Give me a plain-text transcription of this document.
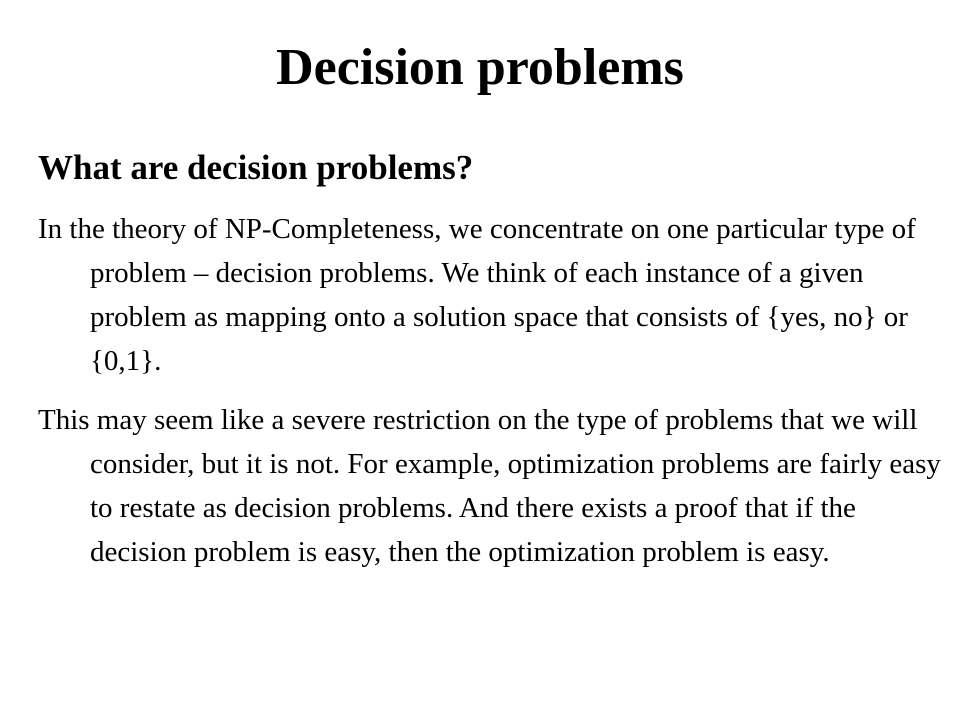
Decision problems
What are decision problems?

In the theory of NP-Completeness, we concentrate on one particular type of problem – decision problems. We think of each instance of a given problem as mapping onto a solution space that consists of {yes, no} or {0,1}.

This may seem like a severe restriction on the type of problems that we will consider, but it is not. For example, optimization problems are fairly easy to restate as decision problems. And there exists a proof that if the decision problem is easy, then the optimization problem is easy.
